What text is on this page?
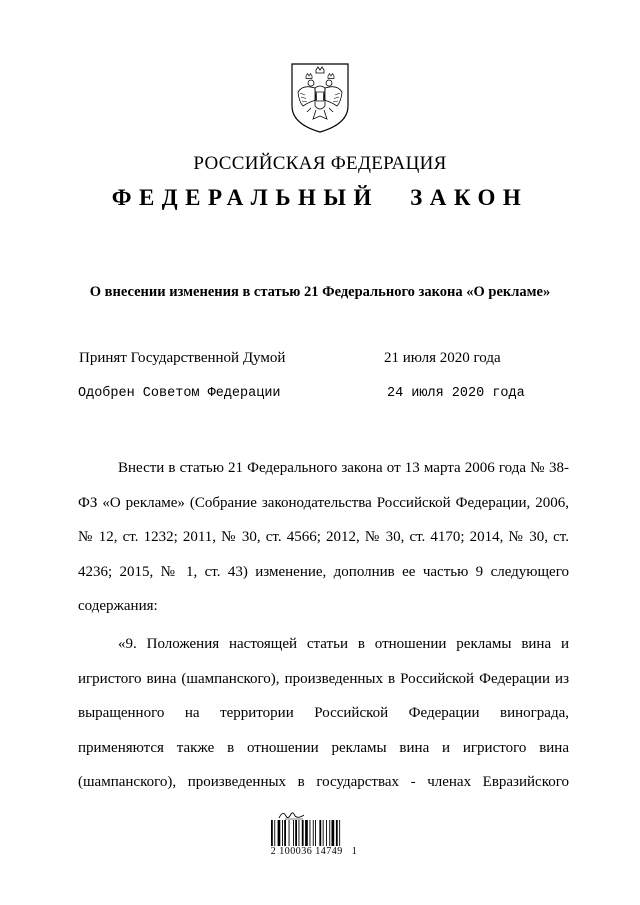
РОССИЙСКАЯ ФЕДЕРАЦИЯ
ФЕДЕРАЛЬНЫЙ ЗАКОН
О внесении изменения в статью 21 Федерального закона «О рекламе»
Принят Государственной Думой	21 июля 2020 года
Одобрен Советом Федерации	24 июля 2020 года

Внести в статью 21 Федерального закона от 13 марта 2006 года № 38-ФЗ «О рекламе» (Собрание законодательства Российской Федерации, 2006, № 12, ст. 1232; 2011, № 30, ст. 4566; 2012, № 30, ст. 4170; 2014, № 30, ст. 4236; 2015, № 1, ст. 43) изменение, дополнив ее частью 9 следующего содержания:

«9. Положения настоящей статьи в отношении рекламы вина и игристого вина (шампанского), произведенных в Российской Федерации из выращенного на территории Российской Федерации винограда, применяются также в отношении рекламы вина и игристого вина (шампанского), произведенных в государствах - членах Евразийского

2 100036 14749   1
